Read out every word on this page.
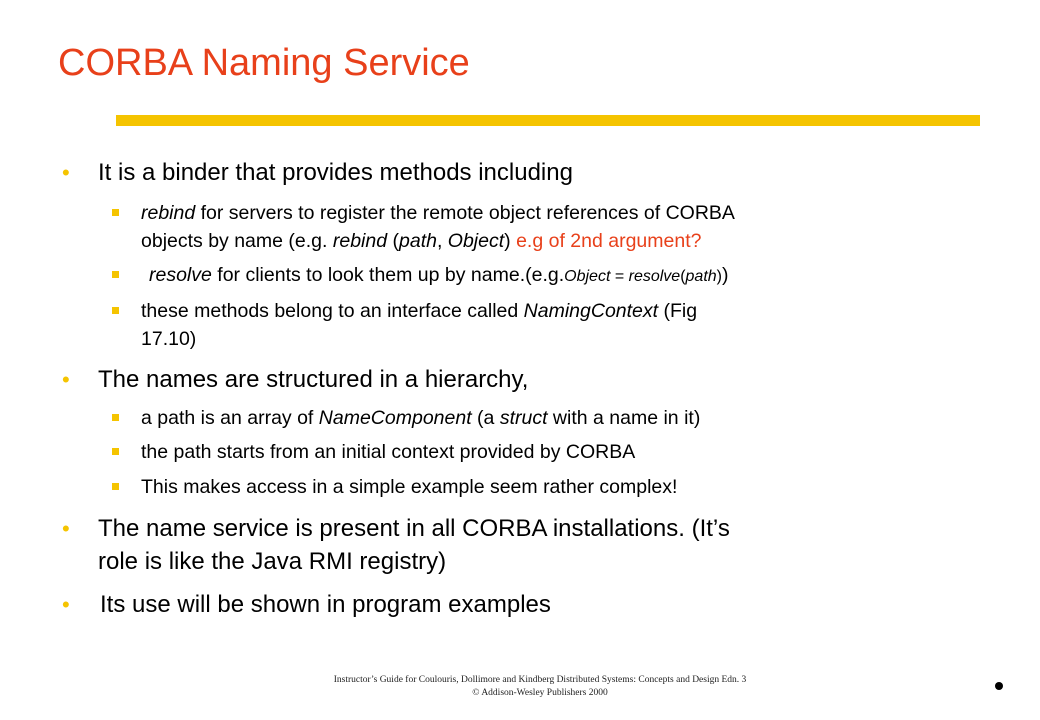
CORBA Naming Service
• It is a binder that provides methods including
rebind for servers to register the remote object references of CORBA
objects by name (e.g. rebind (path, Object) e.g of 2nd argument?
resolve for clients to look them up by name.(e.g.Object = resolve(path))
these methods belong to an interface called NamingContext (Fig
17.10)
• The names are structured in a hierarchy,
a path is an array of NameComponent (a struct with a name in it)
the path starts from an initial context provided by CORBA
This makes access in a simple example seem rather complex!
• The name service is present in all CORBA installations. (It’s
role is like the Java RMI registry)
• Its use will be shown in program examples
Instructor’s Guide for Coulouris, Dollimore and Kindberg Distributed Systems: Concepts and Design Edn. 3
© Addison-Wesley Publishers 2000
